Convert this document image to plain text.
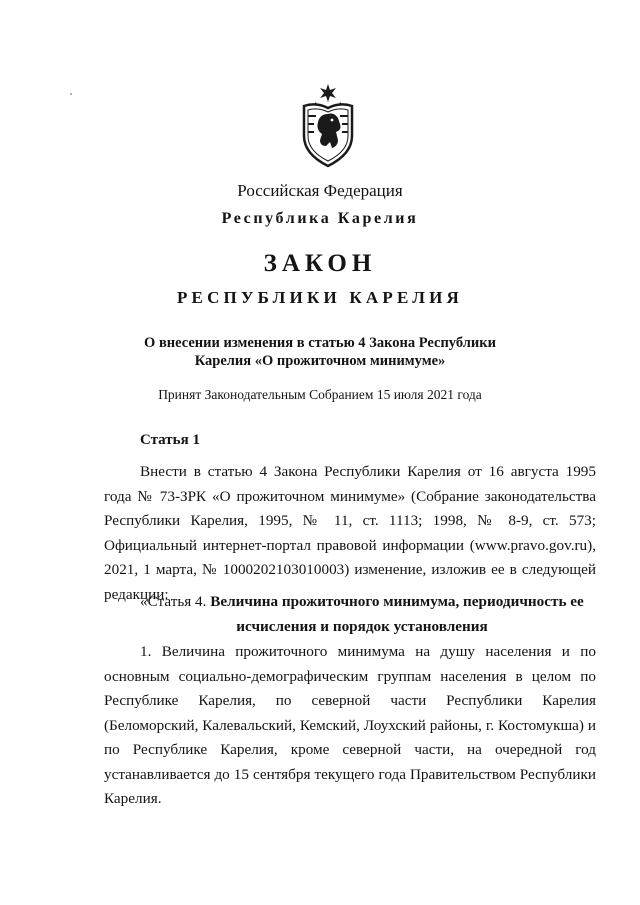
Российская Федерация
Республика Карелия
ЗАКОН
РЕСПУБЛИКИ КАРЕЛИЯ
О внесении изменения в статью 4 Закона Республики
Карелия «О прожиточном минимуме»
Принят Законодательным Собранием 15 июля 2021 года
Статья 1
Внести в статью 4 Закона Республики Карелия от 16 августа 1995 года № 73-ЗРК «О прожиточном минимуме» (Собрание законодательства Республики Карелия, 1995, № 11, ст. 1113; 1998, № 8-9, ст. 573; Официальный интернет-портал правовой информации (www.pravo.gov.ru), 2021, 1 марта, № 1000202103010003) изменение, изложив ее в следующей редакции:
«Статья 4. Величина прожиточного минимума, периодичность ее
исчисления и порядок установления
1. Величина прожиточного минимума на душу населения и по основным социально-демографическим группам населения в целом по Республике Карелия, по северной части Республики Карелия (Беломорский, Калевальский, Кемский, Лоухский районы, г. Костомукша) и по Республике Карелия, кроме северной части, на очередной год устанавливается до 15 сентября текущего года Правительством Республики Карелия.
